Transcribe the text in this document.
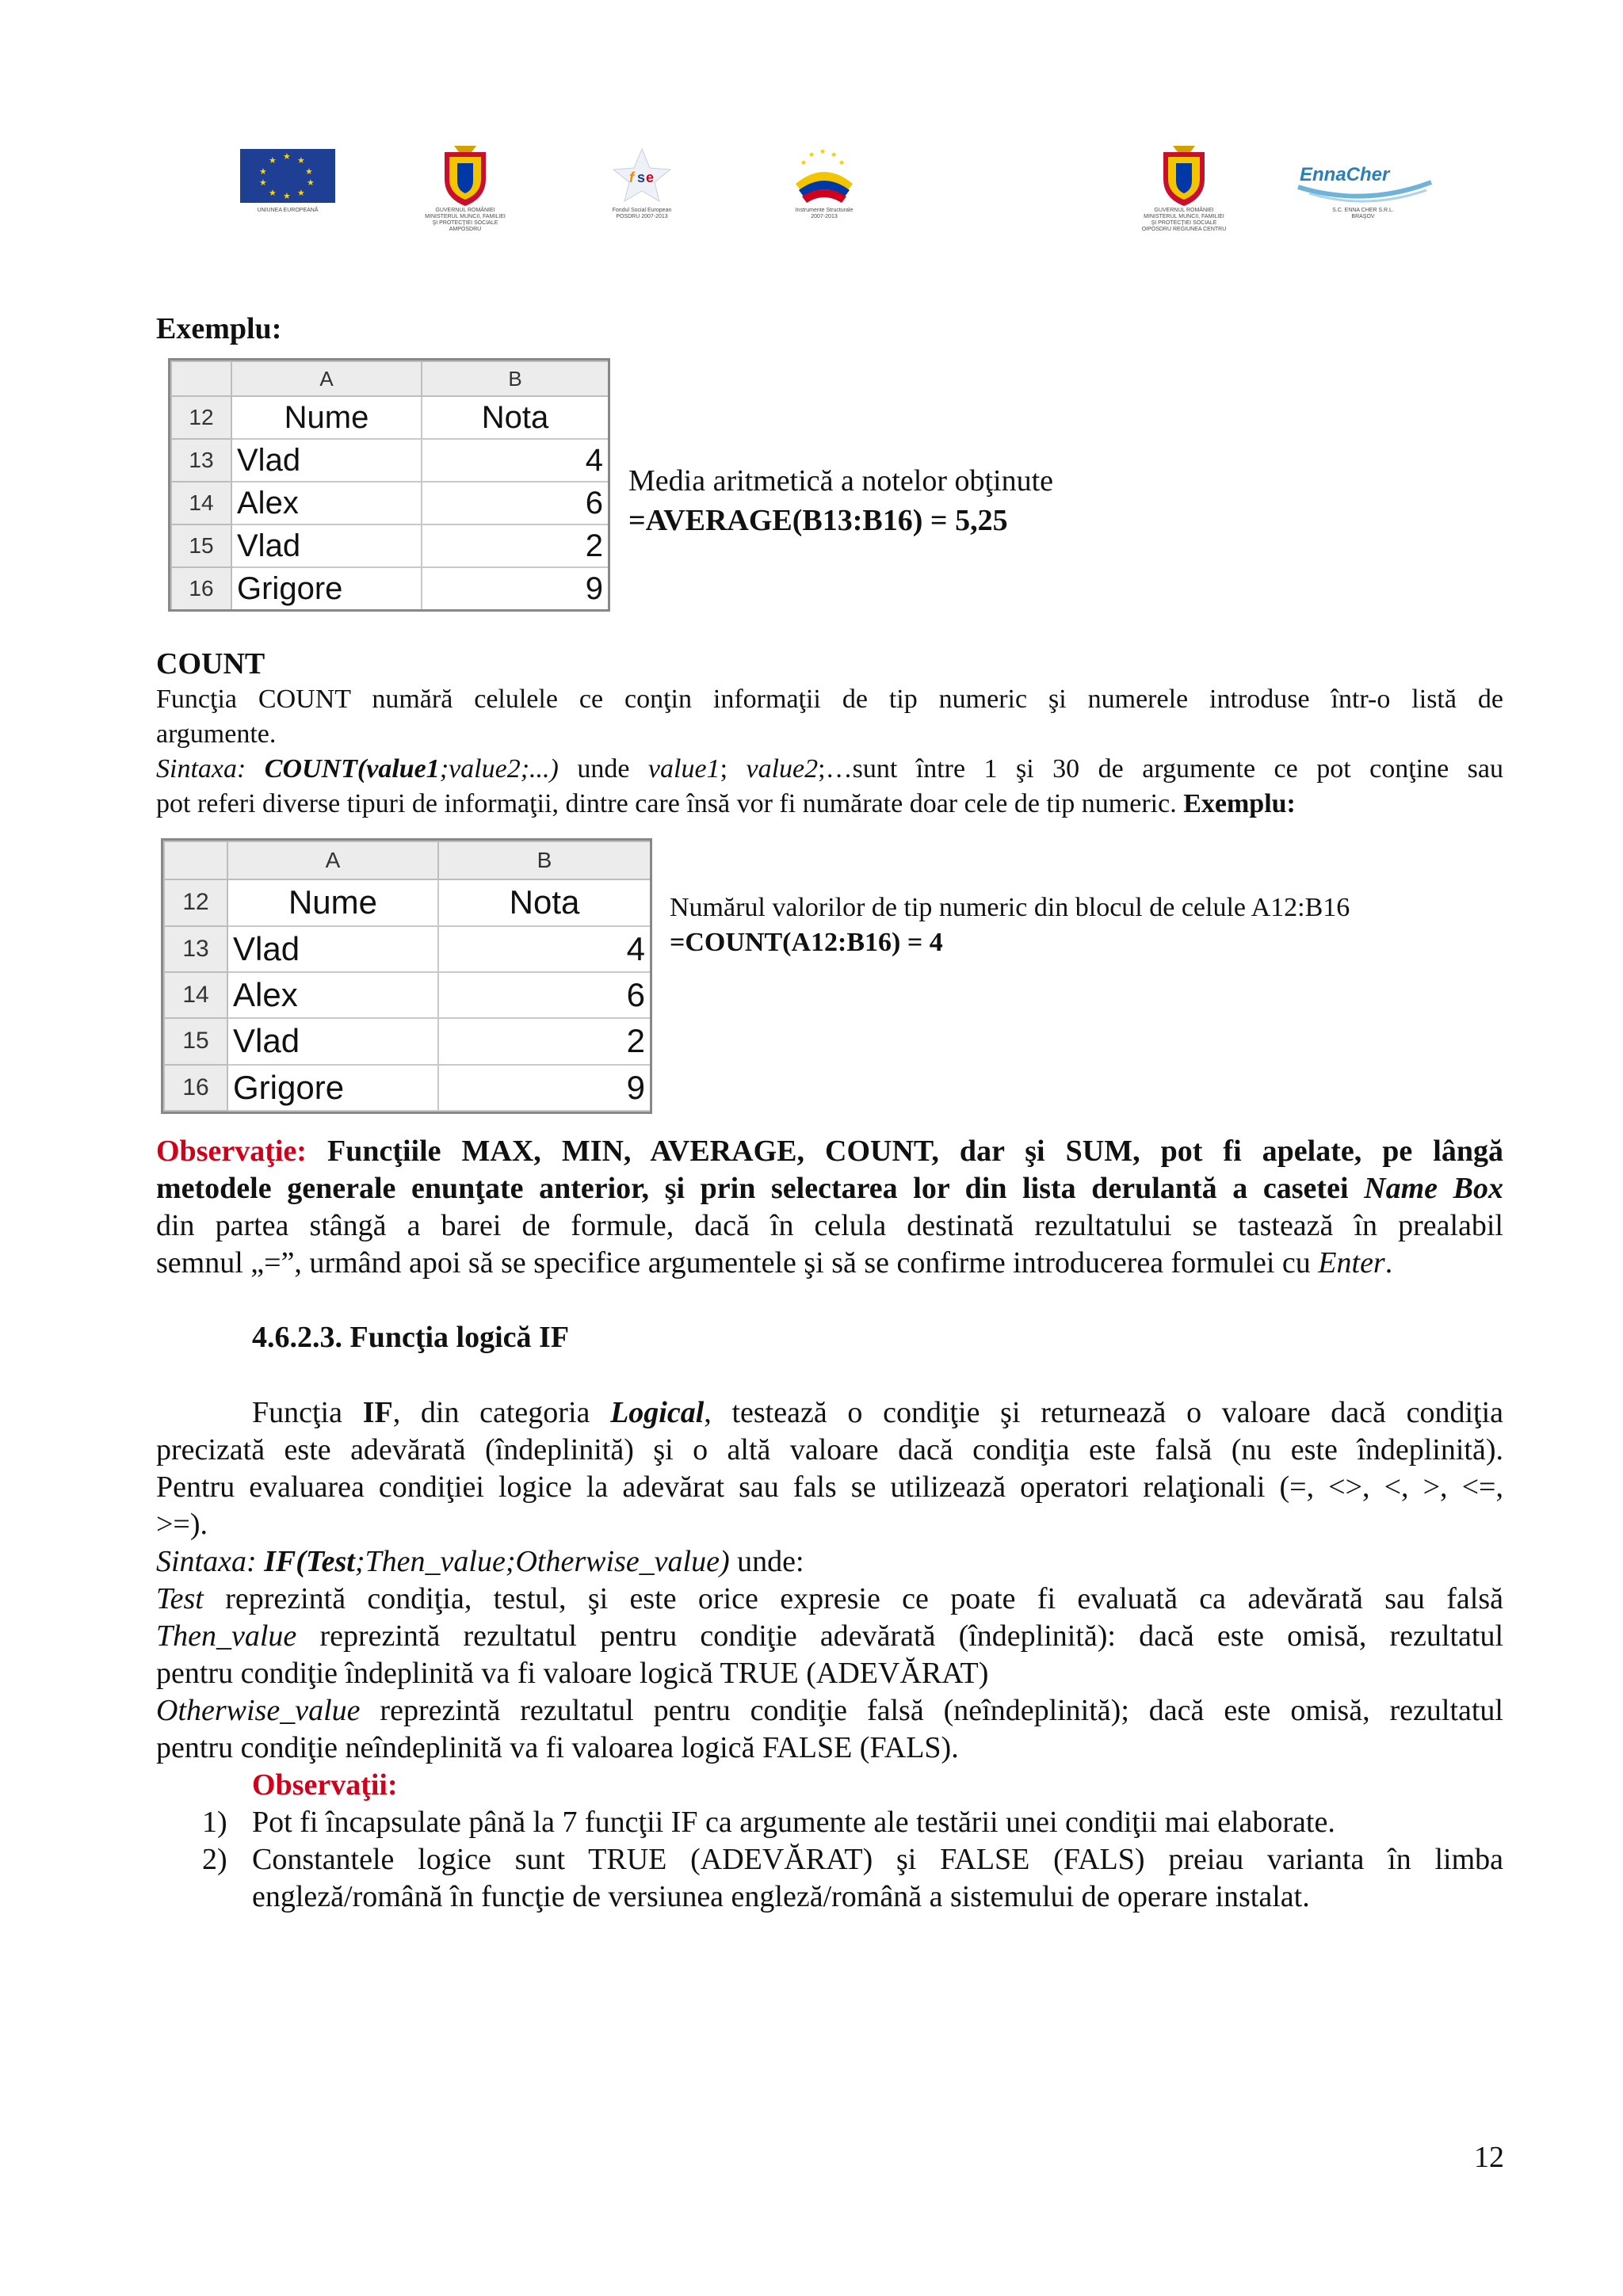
★ ★
★
★
★
★
★
★
★
★
UNIUNEA EUROPEANĂ	GUVERNUL ROMÂNIEI
MINISTERUL MUNCII, FAMILIEI
ŞI PROTECŢIEI SOCIALE
AMPOSDRU
f s e
Fondul Social European
POSDRU 2007-2013
★ ★
★
★
★
Instrumente Structurale
2007-2013
GUVERNUL ROMÂNIEI
MINISTERUL MUNCII, FAMILIEI
ŞI PROTECŢIEI SOCIALE
OIPOSDRU REGIUNEA CENTRU
EnnaCher
S.C. ENNA CHER S.R.L.
BRAŞOV
Exemplu:
	A	B
12	Nume	Nota
13	Vlad	4
14	Alex	6
15	Vlad	2
16	Grigore	9
Media aritmetică a notelor obţinute
=AVERAGE(B13:B16) = 5,25
COUNT
Funcţia COUNT numără celulele ce conţin informaţii de tip numeric şi numerele introduse într-o listă de
argumente.
Sintaxa: COUNT(value1;value2;...) unde value1; value2;…sunt între 1 şi 30 de argumente ce pot conţine sau
pot referi diverse tipuri de informaţii, dintre care însă vor fi numărate doar cele de tip numeric. Exemplu:
	A	B
12	Nume	Nota
13	Vlad	4
14	Alex	6
15	Vlad	2
16	Grigore	9
Numărul valorilor de tip numeric din blocul de celule A12:B16
=COUNT(A12:B16) = 4
Observaţie: Funcţiile MAX, MIN, AVERAGE, COUNT, dar şi SUM, pot fi apelate, pe lângă
metodele generale enunţate anterior, şi prin selectarea lor din lista derulantă a casetei Name Box
din partea stângă a barei de formule, dacă în celula destinată rezultatului se tastează în prealabil
semnul „=”, urmând apoi să se specifice argumentele şi să se confirme introducerea formulei cu Enter.
4.6.2.3. Funcţia logică IF
Funcţia IF, din categoria Logical, testează o condiţie şi returnează o valoare dacă condiţia
precizată este adevărată (îndeplinită) şi o altă valoare dacă condiţia este falsă (nu este îndeplinită).
Pentru evaluarea condiţiei logice la adevărat sau fals se utilizează operatori relaţionali (=, <>, <, >, <=,
>=).
Sintaxa: IF(Test;Then_value;Otherwise_value) unde:
Test reprezintă condiţia, testul, şi este orice expresie ce poate fi evaluată ca adevărată sau falsă
Then_value reprezintă rezultatul pentru condiţie adevărată (îndeplinită): dacă este omisă, rezultatul
pentru condiţie îndeplinită va fi valoare logică TRUE (ADEVĂRAT)
Otherwise_value reprezintă rezultatul pentru condiţie falsă (neîndeplinită); dacă este omisă, rezultatul
pentru condiţie neîndeplinită va fi valoarea logică FALSE (FALS).
Observaţii:
1) Pot fi încapsulate până la 7 funcţii IF ca argumente ale testării unei condiţii mai elaborate.
2) Constantele logice sunt TRUE (ADEVĂRAT) şi FALSE (FALS) preiau varianta în limba
engleză/română în funcţie de versiunea engleză/română a sistemului de operare instalat.
12
